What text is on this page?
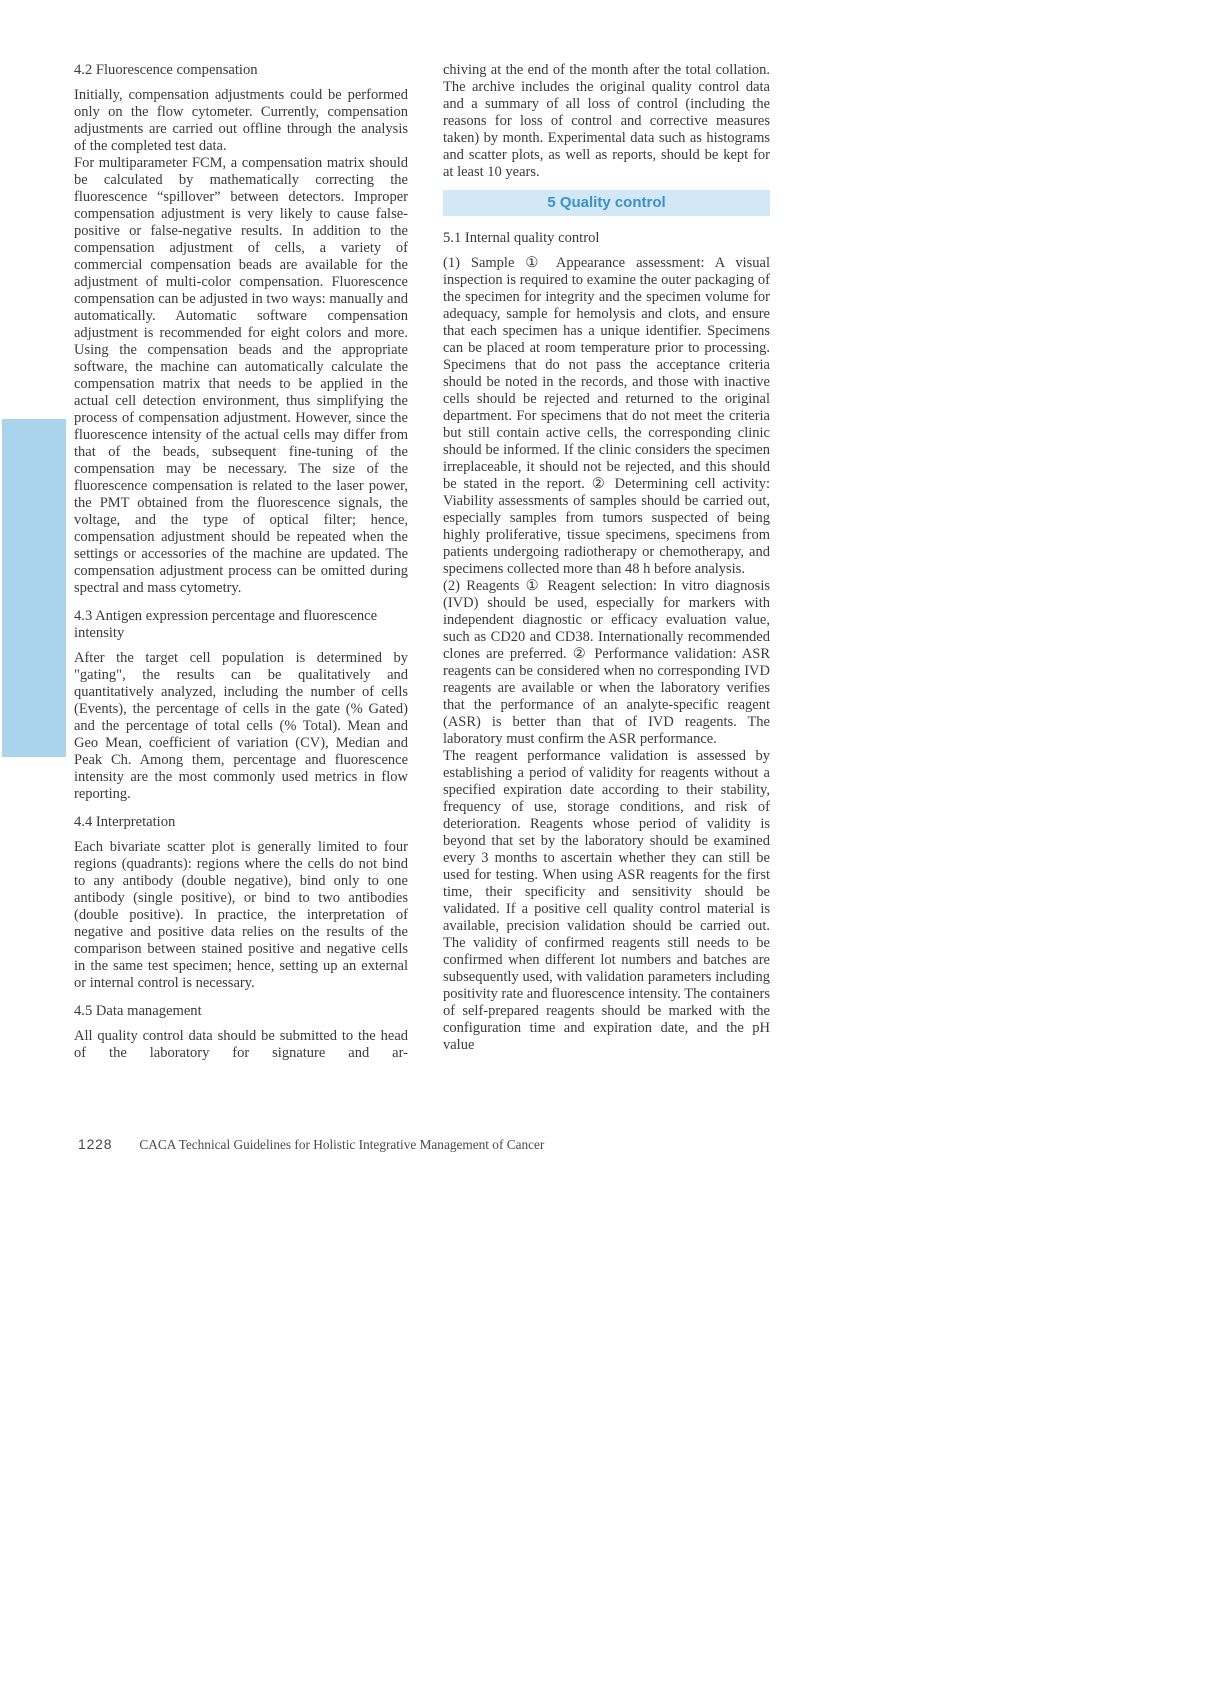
Hematological Neoplasm Pathology

4.2 Fluorescence compensation

Initially, compensation adjustments could be performed only on the flow cytometer. Currently, compensation adjustments are carried out offline through the analysis of the completed test data.

For multiparameter FCM, a compensation matrix should be calculated by mathematically correcting the fluorescence “spillover” between detectors. Improper compensation adjustment is very likely to cause false-positive or false-negative results. In addition to the compensation adjustment of cells, a variety of commercial compensation beads are available for the adjustment of multi-color compensation. Fluorescence compensation can be adjusted in two ways: manually and automatically. Automatic software compensation adjustment is recommended for eight colors and more. Using the compensation beads and the appropriate software, the machine can automatically calculate the compensation matrix that needs to be applied in the actual cell detection environment, thus simplifying the process of compensation adjustment. However, since the fluorescence intensity of the actual cells may differ from that of the beads, subsequent fine-tuning of the compensation may be necessary. The size of the fluorescence compensation is related to the laser power, the PMT obtained from the fluorescence signals, the voltage, and the type of optical filter; hence, compensation adjustment should be repeated when the settings or accessories of the machine are updated. The compensation adjustment process can be omitted during spectral and mass cytometry.

4.3 Antigen expression percentage and fluorescence intensity

After the target cell population is determined by "gating", the results can be qualitatively and quantitatively analyzed, including the number of cells (Events), the percentage of cells in the gate (% Gated) and the percentage of total cells (% Total). Mean and Geo Mean, coefficient of variation (CV), Median and Peak Ch. Among them, percentage and fluorescence intensity are the most commonly used metrics in flow reporting.

4.4 Interpretation

Each bivariate scatter plot is generally limited to four regions (quadrants): regions where the cells do not bind to any antibody (double negative), bind only to one antibody (single positive), or bind to two antibodies (double positive). In practice, the interpretation of negative and positive data relies on the results of the comparison between stained positive and negative cells in the same test specimen; hence, setting up an external or internal control is necessary.

4.5 Data management

All quality control data should be submitted to the head of the laboratory for signature and ar-

chiving at the end of the month after the total collation. The archive includes the original quality control data and a summary of all loss of control (including the reasons for loss of control and corrective measures taken) by month. Experimental data such as histograms and scatter plots, as well as reports, should be kept for at least 10 years.

5 Quality control

5.1 Internal quality control

(1) Sample ① Appearance assessment: A visual inspection is required to examine the outer packaging of the specimen for integrity and the specimen volume for adequacy, sample for hemolysis and clots, and ensure that each specimen has a unique identifier. Specimens can be placed at room temperature prior to processing. Specimens that do not pass the acceptance criteria should be noted in the records, and those with inactive cells should be rejected and returned to the original department. For specimens that do not meet the criteria but still contain active cells, the corresponding clinic should be informed. If the clinic considers the specimen irreplaceable, it should not be rejected, and this should be stated in the report. ② Determining cell activity: Viability assessments of samples should be carried out, especially samples from tumors suspected of being highly proliferative, tissue specimens, specimens from patients undergoing radiotherapy or chemotherapy, and specimens collected more than 48 h before analysis.

(2) Reagents ① Reagent selection: In vitro diagnosis (IVD) should be used, especially for markers with independent diagnostic or efficacy evaluation value, such as CD20 and CD38. Internationally recommended clones are preferred. ② Performance validation: ASR reagents can be considered when no corresponding IVD reagents are available or when the laboratory verifies that the performance of an analyte-specific reagent (ASR) is better than that of IVD reagents. The laboratory must confirm the ASR performance.

The reagent performance validation is assessed by establishing a period of validity for reagents without a specified expiration date according to their stability, frequency of use, storage conditions, and risk of deterioration. Reagents whose period of validity is beyond that set by the laboratory should be examined every 3 months to ascertain whether they can still be used for testing. When using ASR reagents for the first time, their specificity and sensitivity should be validated. If a positive cell quality control material is available, precision validation should be carried out. The validity of confirmed reagents still needs to be confirmed when different lot numbers and batches are subsequently used, with validation parameters including positivity rate and fluorescence intensity. The containers of self-prepared reagents should be marked with the configuration time and expiration date, and the pH value

1228 CACA Technical Guidelines for Holistic Integrative Management of Cancer
